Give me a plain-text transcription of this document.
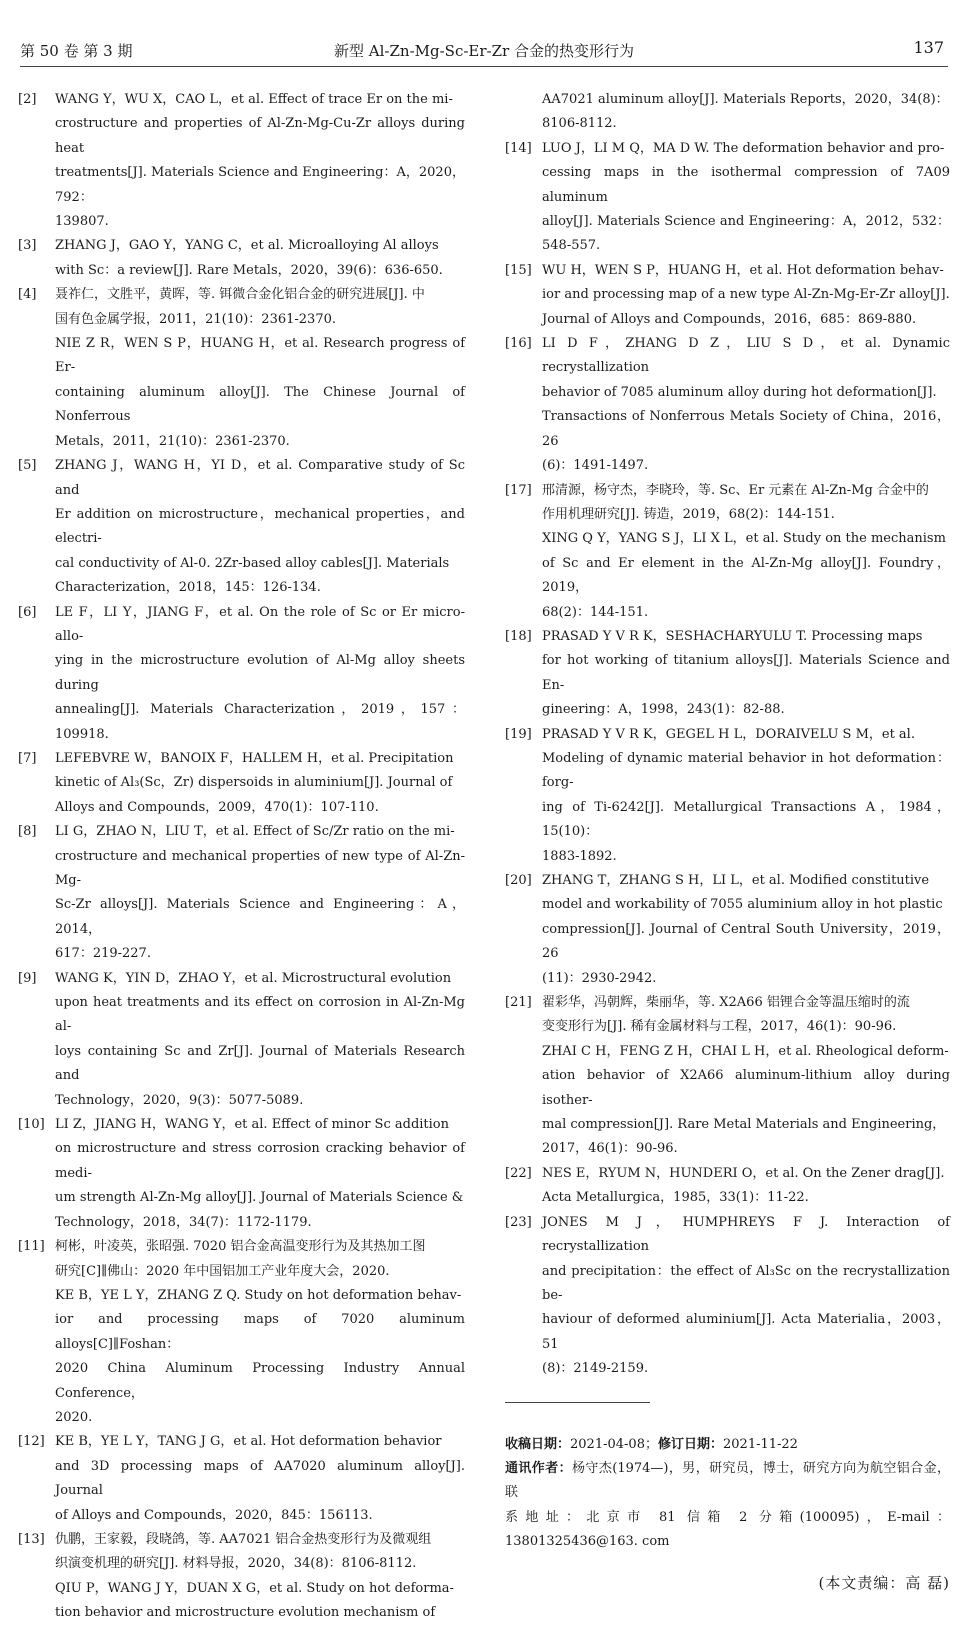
第 50 卷 第 3 期	新型 Al-Zn-Mg-Sc-Er-Zr 合金的热变形行为	137
[2] WANG Y，WU X，CAO L，et al. Effect of trace Er on the mi-
crostructure and properties of Al-Zn-Mg-Cu-Zr alloys during heat
treatments[J]. Materials Science and Engineering：A，2020，792：
139807.
[3] ZHANG J，GAO Y，YANG C，et al. Microalloying Al alloys
with Sc：a review[J]. Rare Metals，2020，39(6)：636-650.
[4] 聂祚仁，文胜平，黄晖，等. 铒微合金化铝合金的研究进展[J]. 中
国有色金属学报，2011，21(10)：2361-2370.
NIE Z R，WEN S P，HUANG H，et al. Research progress of Er-
containing aluminum alloy[J]. The Chinese Journal of Nonferrous
Metals，2011，21(10)：2361-2370.
[5] ZHANG J，WANG H，YI D，et al. Comparative study of Sc and
Er addition on microstructure，mechanical properties，and electri-
cal conductivity of Al-0. 2Zr-based alloy cables[J]. Materials
Characterization，2018，145：126-134.
[6] LE F，LI Y，JIANG F，et al. On the role of Sc or Er micro-allo-
ying in the microstructure evolution of Al-Mg alloy sheets during
annealing[J]. Materials Characterization，2019，157：109918.
[7] LEFEBVRE W，BANOIX F，HALLEM H，et al. Precipitation
kinetic of Al₃(Sc，Zr) dispersoids in aluminium[J]. Journal of
Alloys and Compounds，2009，470(1)：107-110.
[8] LI G，ZHAO N，LIU T，et al. Effect of Sc/Zr ratio on the mi-
crostructure and mechanical properties of new type of Al-Zn-Mg-
Sc-Zr alloys[J]. Materials Science and Engineering：A，2014，
617：219-227.
[9] WANG K，YIN D，ZHAO Y，et al. Microstructural evolution
upon heat treatments and its effect on corrosion in Al-Zn-Mg al-
loys containing Sc and Zr[J]. Journal of Materials Research and
Technology，2020，9(3)：5077-5089.
[10] LI Z，JIANG H，WANG Y，et al. Effect of minor Sc addition
on microstructure and stress corrosion cracking behavior of medi-
um strength Al-Zn-Mg alloy[J]. Journal of Materials Science &
Technology，2018，34(7)：1172-1179.
[11] 柯彬，叶凌英，张昭强. 7020 铝合金高温变形行为及其热加工图
研究[C]∥佛山：2020 年中国铝加工产业年度大会，2020.
KE B，YE L Y，ZHANG Z Q. Study on hot deformation behav-
ior and processing maps of 7020 aluminum alloys[C]∥Foshan：
2020 China Aluminum Processing Industry Annual Conference，
2020.
[12] KE B，YE L Y，TANG J G，et al. Hot deformation behavior
and 3D processing maps of AA7020 aluminum alloy[J]. Journal
of Alloys and Compounds，2020，845：156113.
[13] 仇鹏，王家毅，段晓鸽，等. AA7021 铝合金热变形行为及微观组
织演变机理的研究[J]. 材料导报，2020，34(8)：8106-8112.
QIU P，WANG J Y，DUAN X G，et al. Study on hot deforma-
tion behavior and microstructure evolution mechanism of
AA7021 aluminum alloy[J]. Materials Reports，2020，34(8)：
8106-8112.
[14] LUO J，LI M Q，MA D W. The deformation behavior and pro-
cessing maps in the isothermal compression of 7A09 aluminum
alloy[J]. Materials Science and Engineering：A，2012，532：548-557.
[15] WU H，WEN S P，HUANG H，et al. Hot deformation behav-
ior and processing map of a new type Al-Zn-Mg-Er-Zr alloy[J].
Journal of Alloys and Compounds，2016，685：869-880.
[16] LI D F，ZHANG D Z，LIU S D，et al. Dynamic recrystallization
behavior of 7085 aluminum alloy during hot deformation[J].
Transactions of Nonferrous Metals Society of China，2016，26
(6)：1491-1497.
[17] 邢清源，杨守杰，李晓玲，等. Sc、Er 元素在 Al-Zn-Mg 合金中的
作用机理研究[J]. 铸造，2019，68(2)：144-151.
XING Q Y，YANG S J，LI X L，et al. Study on the mechanism
of Sc and Er element in the Al-Zn-Mg alloy[J]. Foundry，2019，
68(2)：144-151.
[18] PRASAD Y V R K，SESHACHARYULU T. Processing maps
for hot working of titanium alloys[J]. Materials Science and En-
gineering：A，1998，243(1)：82-88.
[19] PRASAD Y V R K，GEGEL H L，DORAIVELU S M，et al.
Modeling of dynamic material behavior in hot deformation：forg-
ing of Ti-6242[J]. Metallurgical Transactions A，1984，15(10)：
1883-1892.
[20] ZHANG T，ZHANG S H，LI L，et al. Modified constitutive
model and workability of 7055 aluminium alloy in hot plastic
compression[J]. Journal of Central South University，2019，26
(11)：2930-2942.
[21] 翟彩华，冯朝辉，柴丽华，等. X2A66 铝锂合金等温压缩时的流
变变形行为[J]. 稀有金属材料与工程，2017，46(1)：90-96.
ZHAI C H，FENG Z H，CHAI L H，et al. Rheological deform-
ation behavior of X2A66 aluminum-lithium alloy during isother-
mal compression[J]. Rare Metal Materials and Engineering，
2017，46(1)：90-96.
[22] NES E，RYUM N，HUNDERI O，et al. On the Zener drag[J].
Acta Metallurgica，1985，33(1)：11-22.
[23] JONES M J，HUMPHREYS F J. Interaction of recrystallization
and precipitation：the effect of Al₃Sc on the recrystallization be-
haviour of deformed aluminium[J]. Acta Materialia，2003，51
(8)：2149-2159.
收稿日期：2021-04-08；修订日期：2021-11-22
通讯作者：杨守杰(1974—)，男，研究员，博士，研究方向为航空铝合金，联
系地址：北京市 81 信箱 2 分箱(100095)，E-mail：13801325436@163. com
(本文责编：高 磊)
